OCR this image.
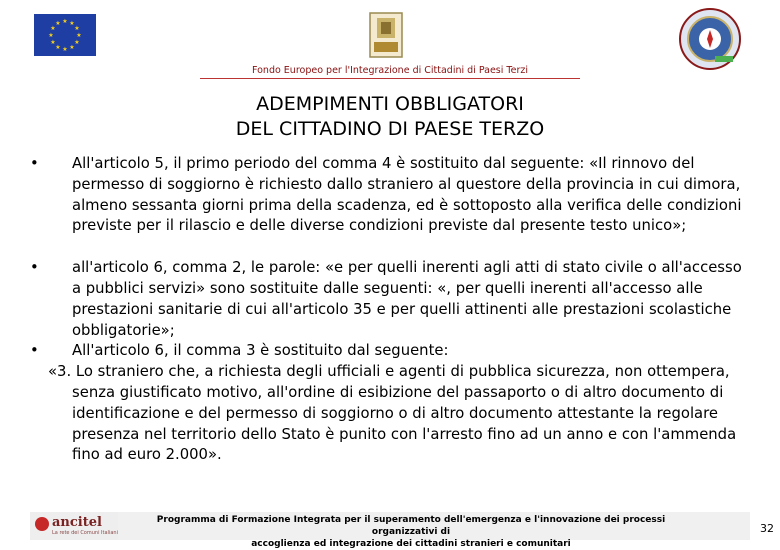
★ ★
★
★
★
★
★
★
★
★
★
★
Fondo Europeo per l'Integrazione di Cittadini di Paesi Terzi
ADEMPIMENTI OBBLIGATORI
DEL CITTADINO DI PAESE TERZO
•	All'articolo 5, il primo periodo del comma 4 è sostituito dal seguente: «Il rinnovo del permesso di soggiorno è richiesto dallo straniero al questore della provincia in cui dimora, almeno sessanta giorni prima della scadenza, ed è sottoposto alla verifica delle condizioni previste per il rilascio e delle diverse condizioni previste dal presente testo unico»;
•	all'articolo 6, comma 2, le parole: «e per quelli inerenti agli atti di stato civile o all'accesso a pubblici servizi» sono sostituite dalle seguenti: «, per quelli inerenti all'accesso alle prestazioni sanitarie di cui all'articolo 35 e per quelli attinenti alle prestazioni scolastiche obbligatorie»;
•	All'articolo 6, il comma 3 è sostituito dal seguente:
«3. Lo straniero che, a richiesta degli ufficiali e agenti di pubblica sicurezza, non ottempera, senza giustificato motivo, all'ordine di esibizione del passaporto o di altro documento di identificazione e del permesso di soggiorno o di altro documento attestante la regolare presenza nel territorio dello Stato è punito con l'arresto fino ad un anno e con l'ammenda fino ad euro 2.000».
ancitel
La rete dei Comuni Italiani
Programma di Formazione Integrata per il superamento dell'emergenza e l'innovazione dei processi organizzativi di
accoglienza ed integrazione dei cittadini stranieri e comunitari
32
